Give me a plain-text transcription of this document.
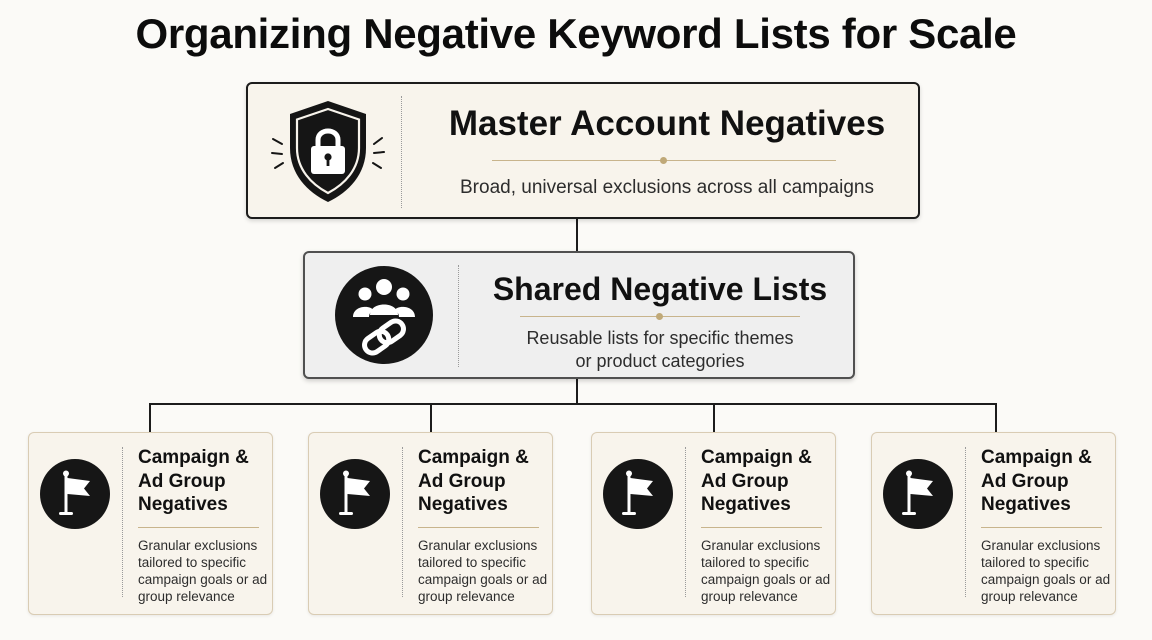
Organizing Negative Keyword Lists for Scale
Master Account Negatives
Broad, universal exclusions across all campaigns
Shared Negative Lists
Reusable lists for specific themes
or product categories
Campaign & Ad Group Negatives
Granular exclusions tailored to specific campaign goals or ad group relevance
Campaign & Ad Group Negatives
Granular exclusions tailored to specific campaign goals or ad group relevance
Campaign & Ad Group Negatives
Granular exclusions tailored to specific campaign goals or ad group relevance
Campaign & Ad Group Negatives
Granular exclusions tailored to specific campaign goals or ad group relevance
